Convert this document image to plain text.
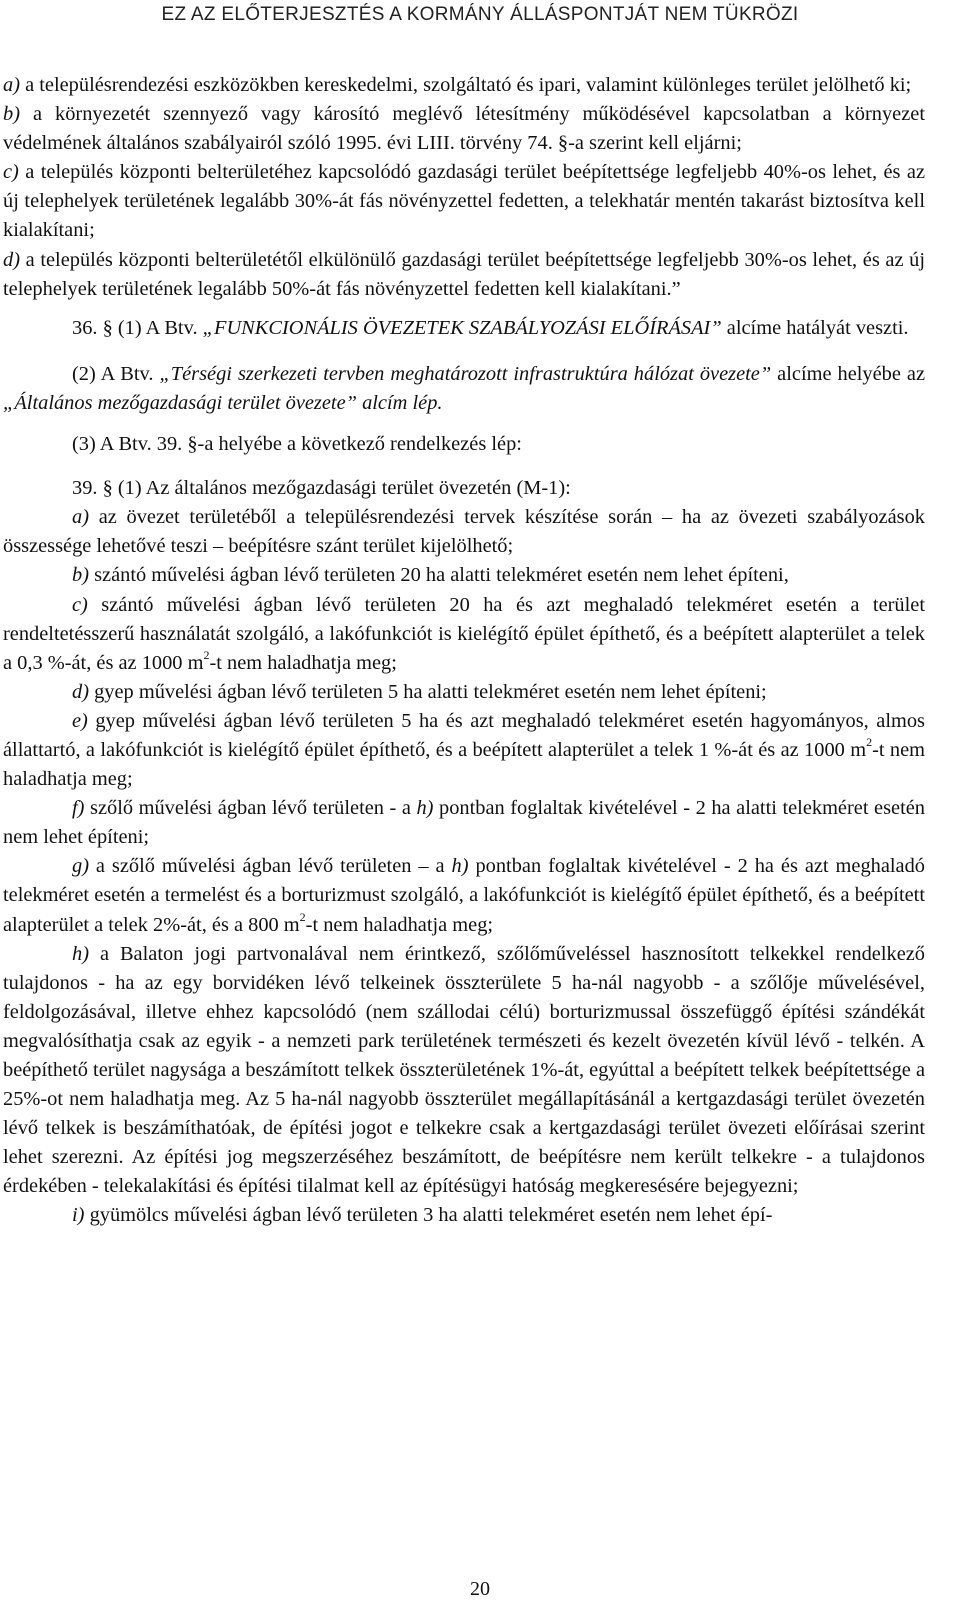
EZ AZ ELŐTERJESZTÉS A KORMÁNY ÁLLÁSPONTJÁT NEM TÜKRÖZI

a) a településrendezési eszközökben kereskedelmi, szolgáltató és ipari, valamint különleges terület jelölhető ki;

b) a környezetét szennyező vagy károsító meglévő létesítmény működésével kapcsolatban a környezet védelmének általános szabályairól szóló 1995. évi LIII. törvény 74. §-a szerint kell eljárni;

c) a település központi belterületéhez kapcsolódó gazdasági terület beépítettsége legfeljebb 40%-os lehet, és az új telephelyek területének legalább 30%-át fás növényzettel fedetten, a telekhatár mentén takarást biztosítva kell kialakítani;

d) a település központi belterületétől elkülönülő gazdasági terület beépítettsége legfeljebb 30%-os lehet, és az új telephelyek területének legalább 50%-át fás növényzettel fedetten kell kialakítani.”

36. § (1) A Btv. „FUNKCIONÁLIS ÖVEZETEK SZABÁLYOZÁSI ELŐÍRÁSAI” alcíme hatályát veszti.

(2) A Btv. „Térségi szerkezeti tervben meghatározott infrastruktúra hálózat övezete” alcíme helyébe az „Általános mezőgazdasági terület övezete” alcím lép.

(3) A Btv. 39. §-a helyébe a következő rendelkezés lép:

39. § (1) Az általános mezőgazdasági terület övezetén (M-1):

a) az övezet területéből a településrendezési tervek készítése során – ha az övezeti szabályozások összessége lehetővé teszi – beépítésre szánt terület kijelölhető;

b) szántó művelési ágban lévő területen 20 ha alatti telekméret esetén nem lehet építeni,

c) szántó művelési ágban lévő területen 20 ha és azt meghaladó telekméret esetén a terület rendeltetésszerű használatát szolgáló, a lakófunkciót is kielégítő épület építhető, és a beépített alapterület a telek a 0,3 %-át, és az 1000 $m^2-t$ nem haladhatja meg;

d) gyep művelési ágban lévő területen 5 ha alatti telekméret esetén nem lehet építeni;

e) gyep művelési ágban lévő területen 5 ha és azt meghaladó telekméret esetén hagyományos, almos állattartó, a lakófunkciót is kielégítő épület építhető, és a beépített alapterület a telek 1 %-át és az 1000 $m^2-t$ nem haladhatja meg;

f) szőlő művelési ágban lévő területen - a h) pontban foglaltak kivételével - 2 ha alatti telekméret esetén nem lehet építeni;

g) a szőlő művelési ágban lévő területen – a h) pontban foglaltak kivételével - 2 ha és azt meghaladó telekméret esetén a termelést és a borturizmust szolgáló, a lakófunkciót is kielégítő épület építhető, és a beépített alapterület a telek 2%-át, és a 800 $m^2-t$ nem haladhatja meg;

h) a Balaton jogi partvonalával nem érintkező, szőlőműveléssel hasznosított telkekkel rendelkező tulajdonos - ha az egy borvidéken lévő telkeinek összterülete 5 ha-nál nagyobb - a szőlője művelésével, feldolgozásával, illetve ehhez kapcsolódó (nem szállodai célú) borturizmussal összefüggő építési szándékát megvalósíthatja csak az egyik - a nemzeti park területének természeti és kezelt övezetén kívül lévő - telkén. A beépíthető terület nagysága a beszámított telkek összterületének 1%-át, egyúttal a beépített telkek beépítettsége a 25%-ot nem haladhatja meg. Az 5 ha-nál nagyobb összterület megállapításánál a kertgazdasági terület övezetén lévő telkek is beszámíthatóak, de építési jogot e telkekre csak a kertgazdasági terület övezeti előírásai szerint lehet szerezni. Az építési jog megszerzéséhez beszámított, de beépítésre nem került telkekre - a tulajdonos érdekében - telekalakítási és építési tilalmat kell az építésügyi hatóság megkeresésére bejegyezni;

i) gyümölcs művelési ágban lévő területen 3 ha alatti telekméret esetén nem lehet épí-

20
